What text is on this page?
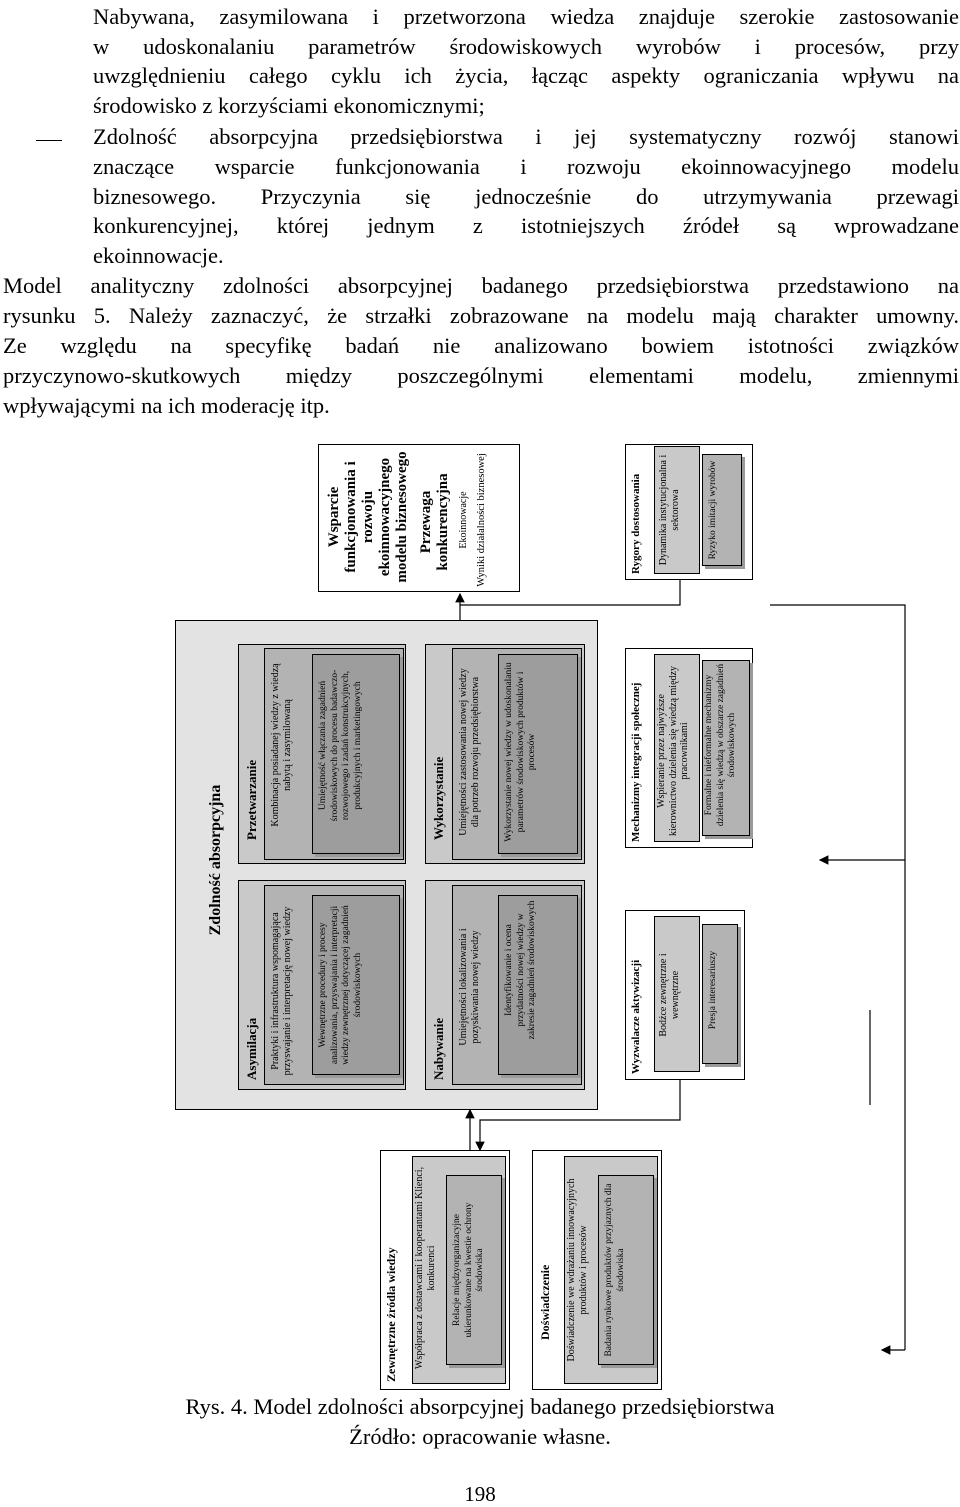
Nabywana, zasymilowana i przetworzona wiedza znajduje szerokie zastosowanie
w udoskonalaniu parametrów środowiskowych wyrobów i procesów, przy
uwzględnieniu całego cyklu ich życia, łącząc aspekty ograniczania wpływu na
środowisko z korzyściami ekonomicznymi;
Zdolność absorpcyjna przedsiębiorstwa i jej systematyczny rozwój stanowi
znaczące wsparcie funkcjonowania i rozwoju ekoinnowacyjnego modelu
biznesowego. Przyczynia się jednocześnie do utrzymywania przewagi
konkurencyjnej, której jednym z istotniejszych źródeł są wprowadzane
ekoinnowacje.
Model analityczny zdolności absorpcyjnej badanego przedsiębiorstwa przedstawiono na
rysunku 5. Należy zaznaczyć, że strzałki zobrazowane na modelu mają charakter umowny.
Ze względu na specyfikę badań nie analizowano bowiem istotności związków
przyczynowo-skutkowych między poszczególnymi elementami modelu, zmiennymi
wpływającymi na ich moderację itp.
Wsparcie funkcjonowania i rozwoju ekoinnowacyjnego modelu biznesowego Przewaga konkurencyjna Ekoinnowacje Wyniki działalności biznesowej	Rygory dostosowania Dynamika instytucjonalna i sektorowa	Ryzyko imitacji wyrobów
Zdolność absorpcyjna
Asymilacja Praktyki i infrastruktura wspomagająca przyswajanie i interpretację nowej wiedzy	Wewnętrzne procedury i procesy analizowania, przyswajania i interpretacji wiedzy zewnętrznej dotyczącej zagadnień środowiskowych
Przetwarzanie Kombinacja posiadanej wiedzy z wiedzą nabytą i zasymilowaną	Umiejętność włączania zagadnień środowiskowych do procesu badawczo-rozwojowego i zadań konstrukcyjnych, produkcyjnych i marketingowych
Nabywanie
Umiejętności lokalizowania i pozyskiwania nowej wiedzy Identyfikowanie i ocena przydatności nowej wiedzy w zakresie zagadnień środowiskowych
Wykorzystanie Umiejętności zastosowania nowej wiedzy dla potrzeb rozwoju przedsiębiorstwa Wykorzystanie nowej wiedzy w udoskonalaniu parametrów środowiskowych produktów i procesów
Wyzwalacze aktywizacji Bodźce zewnętrzne i wewnętrzne	Presja interesariuszy
Mechanizmy integracji społecznej Wspieranie przez najwyższe kierownictwo dzielenia się wiedzą między pracownikami Formalne i nieformalne mechanizmy dzielenia się wiedzą w obszarze zagadnień środowiskowych
Zewnętrzne źródła wiedzy Współpraca z dostawcami i kooperantami Klienci, konkurenci Relacje międzyorganizacyjne ukierunkowane na kwestie ochrony środowiska	Doświadczenie Doświadczenie we wdrażaniu innowacyjnych produktów i procesów Badania rynkowe produktów przyjaznych dla środowiska
Rys. 4. Model zdolności absorpcyjnej badanego przedsiębiorstwa
Źródło: opracowanie własne.
198
